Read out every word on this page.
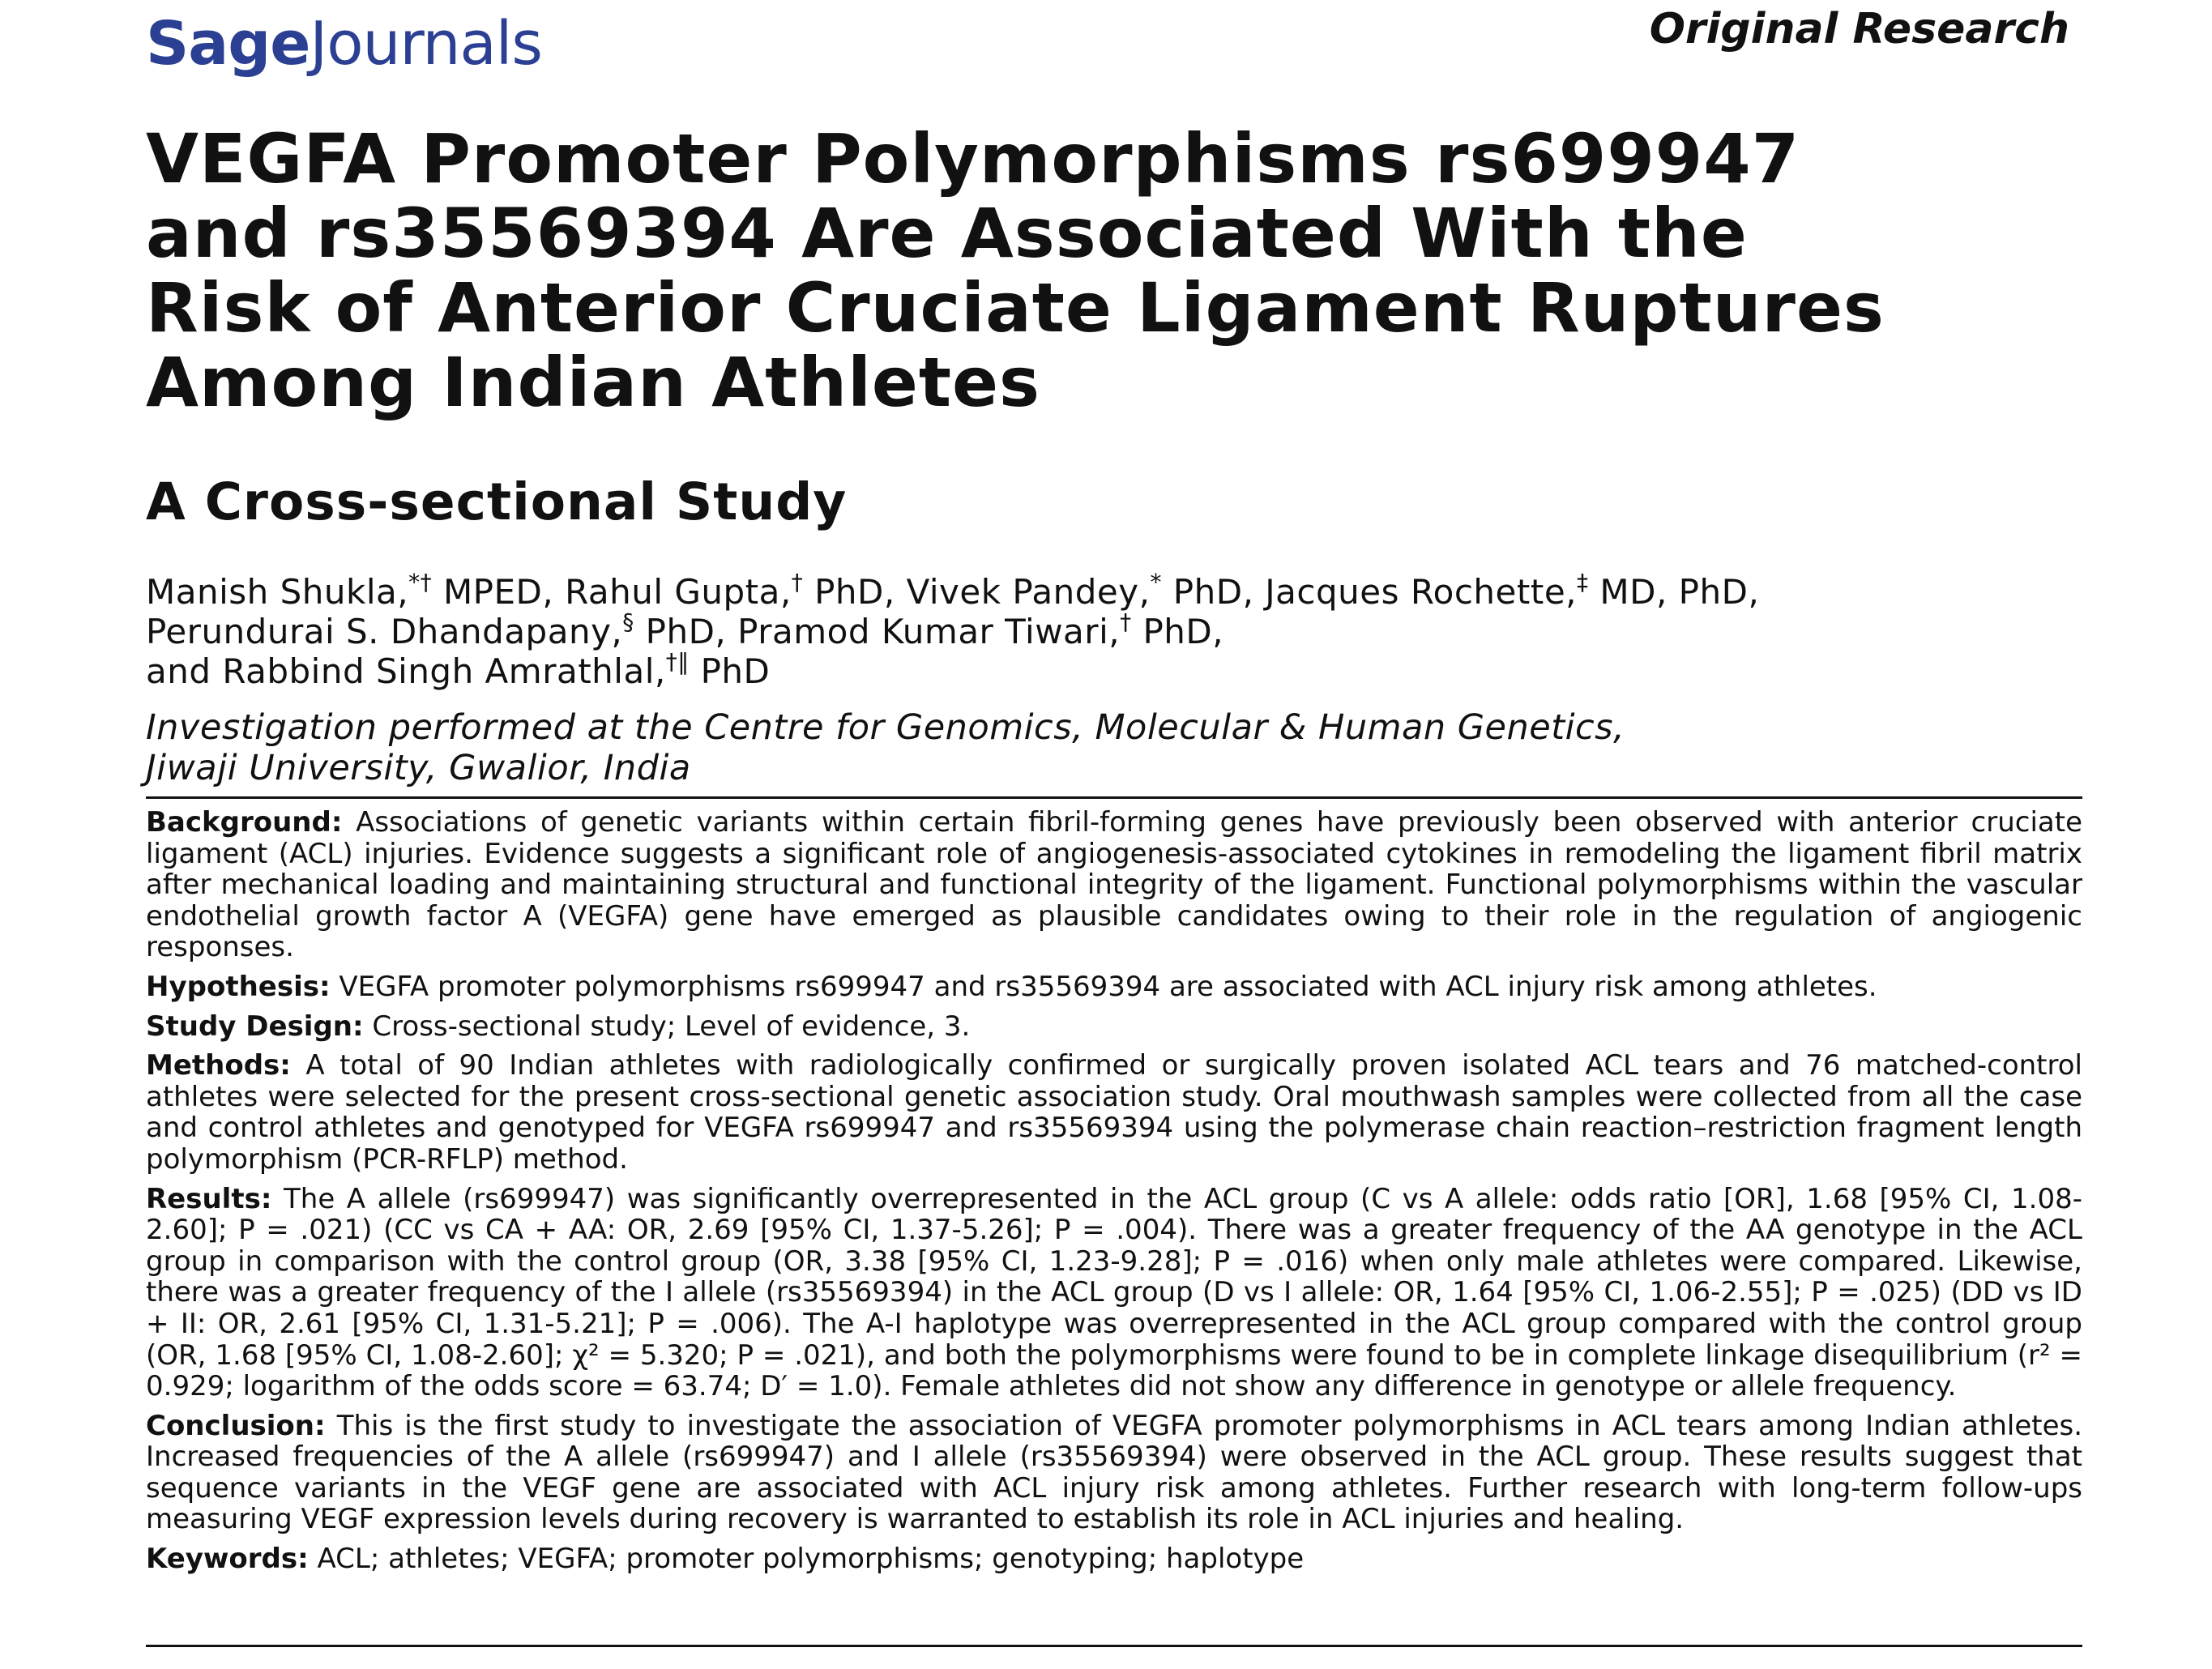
SageJournals	Original Research
VEGFA Promoter Polymorphisms rs699947
and rs35569394 Are Associated With the
Risk of Anterior Cruciate Ligament Ruptures
Among Indian Athletes
A Cross-sectional Study
Manish Shukla,*† MPED, Rahul Gupta,† PhD, Vivek Pandey,* PhD, Jacques Rochette,‡ MD, PhD,
Perundurai S. Dhandapany,§ PhD, Pramod Kumar Tiwari,† PhD,
and Rabbind Singh Amrathlal,†‖ PhD
Investigation performed at the Centre for Genomics, Molecular & Human Genetics,
Jiwaji University, Gwalior, India

Background: Associations of genetic variants within certain fibril-forming genes have previously been observed with anterior cruciate ligament (ACL) injuries. Evidence suggests a significant role of angiogenesis-associated cytokines in remodeling the ligament fibril matrix after mechanical loading and maintaining structural and functional integrity of the ligament. Functional polymorphisms within the vascular endothelial growth factor A (VEGFA) gene have emerged as plausible candidates owing to their role in the regulation of angiogenic responses.

Hypothesis: VEGFA promoter polymorphisms rs699947 and rs35569394 are associated with ACL injury risk among athletes.

Study Design: Cross-sectional study; Level of evidence, 3.

Methods: A total of 90 Indian athletes with radiologically confirmed or surgically proven isolated ACL tears and 76 matched-control athletes were selected for the present cross-sectional genetic association study. Oral mouthwash samples were collected from all the case and control athletes and genotyped for VEGFA rs699947 and rs35569394 using the polymerase chain reaction–restriction fragment length polymorphism (PCR-RFLP) method.

Results: The A allele (rs699947) was significantly overrepresented in the ACL group (C vs A allele: odds ratio [OR], 1.68 [95% CI, 1.08-2.60]; P = .021) (CC vs CA + AA: OR, 2.69 [95% CI, 1.37-5.26]; P = .004). There was a greater frequency of the AA genotype in the ACL group in comparison with the control group (OR, 3.38 [95% CI, 1.23-9.28]; P = .016) when only male athletes were compared. Likewise, there was a greater frequency of the I allele (rs35569394) in the ACL group (D vs I allele: OR, 1.64 [95% CI, 1.06-2.55]; P = .025) (DD vs ID + II: OR, 2.61 [95% CI, 1.31-5.21]; P = .006). The A-I haplotype was overrepresented in the ACL group compared with the control group (OR, 1.68 [95% CI, 1.08-2.60]; χ² = 5.320; P = .021), and both the polymorphisms were found to be in complete linkage disequilibrium (r² = 0.929; logarithm of the odds score = 63.74; D′ = 1.0). Female athletes did not show any difference in genotype or allele frequency.

Conclusion: This is the first study to investigate the association of VEGFA promoter polymorphisms in ACL tears among Indian athletes. Increased frequencies of the A allele (rs699947) and I allele (rs35569394) were observed in the ACL group. These results suggest that sequence variants in the VEGF gene are associated with ACL injury risk among athletes. Further research with long-term follow-ups measuring VEGF expression levels during recovery is warranted to establish its role in ACL injuries and healing.

Keywords: ACL; athletes; VEGFA; promoter polymorphisms; genotyping; haplotype
